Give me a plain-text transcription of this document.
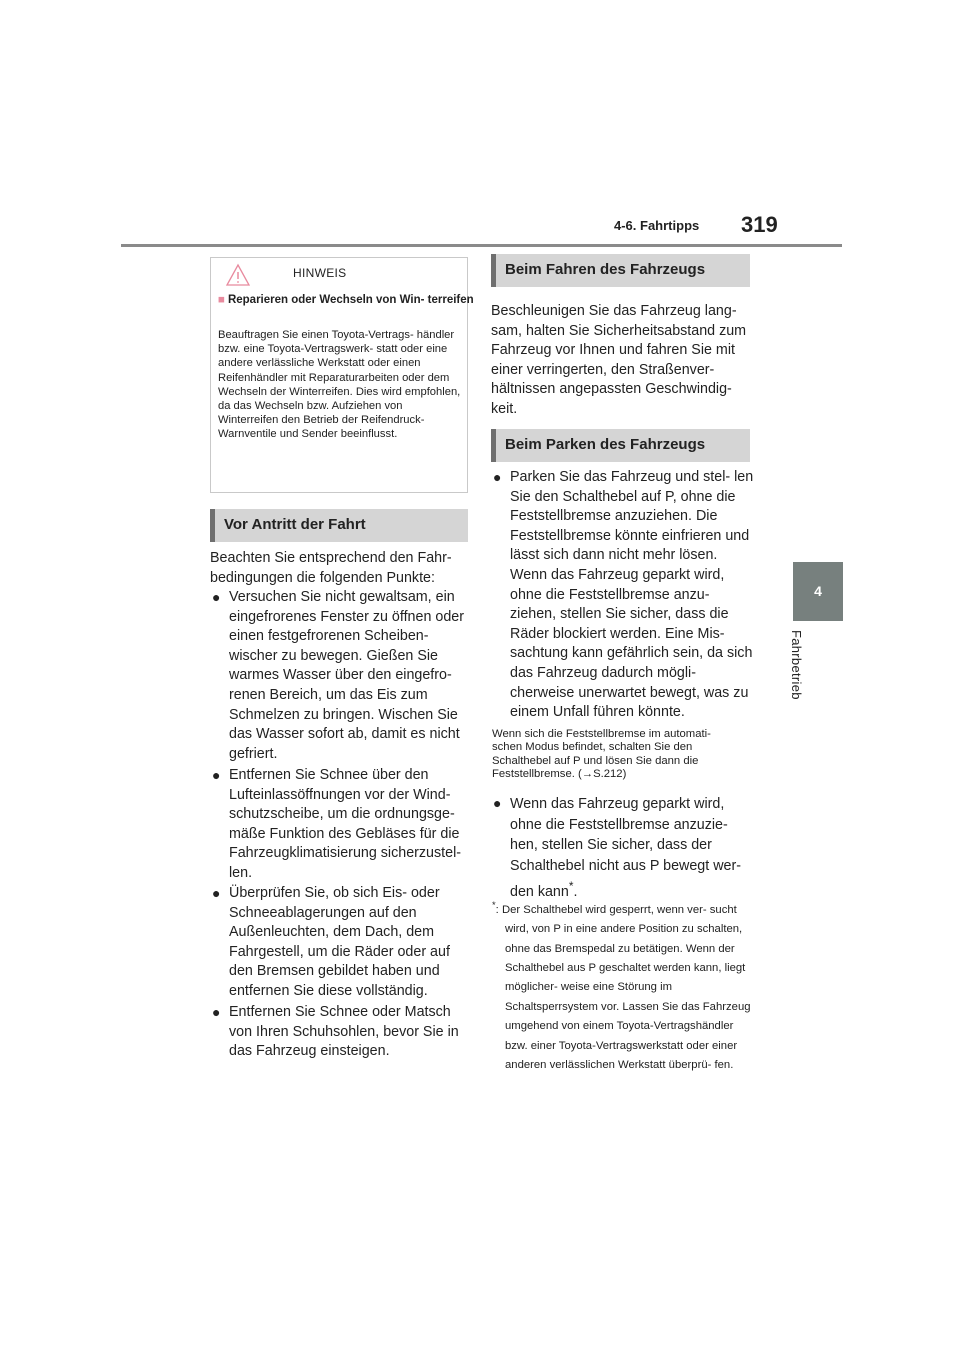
4-6. Fahrtipps 319
4
Fahrbetrieb
HINWEIS
■ Reparieren oder Wechseln von Win- terreifen
Beauftragen Sie einen Toyota-Vertrags- händler bzw. eine Toyota-Vertragswerk- statt oder eine andere verlässliche Werkstatt oder einen Reifenhändler mit Reparaturarbeiten oder dem Wechseln der Winterreifen. Dies wird empfohlen, da das Wechseln bzw. Aufziehen von Winterreifen den Betrieb der Reifendruck-Warnventile und Sender beeinflusst.
Vor Antritt der Fahrt
Beachten Sie entsprechend den Fahr- bedingungen die folgenden Punkte:
● Versuchen Sie nicht gewaltsam, ein eingefrorenes Fenster zu öffnen oder einen festgefrorenen Scheiben- wischer zu bewegen. Gießen Sie warmes Wasser über den eingefro- renen Bereich, um das Eis zum Schmelzen zu bringen. Wischen Sie das Wasser sofort ab, damit es nicht gefriert.
● Entfernen Sie Schnee über den Lufteinlassöffnungen vor der Wind- schutzscheibe, um die ordnungsge- mäße Funktion des Gebläses für die Fahrzeugklimatisierung sicherzustel- len.
● Überprüfen Sie, ob sich Eis- oder Schneeablagerungen auf den Außenleuchten, dem Dach, dem Fahrgestell, um die Räder oder auf den Bremsen gebildet haben und entfernen Sie diese vollständig.
● Entfernen Sie Schnee oder Matsch von Ihren Schuhsohlen, bevor Sie in das Fahrzeug einsteigen.
Beim Fahren des Fahrzeugs
Beschleunigen Sie das Fahrzeug lang- sam, halten Sie Sicherheitsabstand zum Fahrzeug vor Ihnen und fahren Sie mit einer verringerten, den Straßenver- hältnissen angepassten Geschwindig- keit.
Beim Parken des Fahrzeugs
● Parken Sie das Fahrzeug und stel- len Sie den Schalthebel auf P, ohne die Feststellbremse anzuziehen. Die Feststellbremse könnte einfrieren und lässt sich dann nicht mehr lösen. Wenn das Fahrzeug geparkt wird, ohne die Feststellbremse anzu- ziehen, stellen Sie sicher, dass die Räder blockiert werden. Eine Mis- sachtung kann gefährlich sein, da sich das Fahrzeug dadurch mögli- cherweise unerwartet bewegt, was zu einem Unfall führen könnte.
Wenn sich die Feststellbremse im automati- schen Modus befindet, schalten Sie den Schalthebel auf P und lösen Sie dann die Feststellbremse. (→S.212)
● Wenn das Fahrzeug geparkt wird, ohne die Feststellbremse anzuzie- hen, stellen Sie sicher, dass der Schalthebel nicht aus P bewegt wer- den kann*.
*: Der Schalthebel wird gesperrt, wenn ver- sucht wird, von P in eine andere Position zu schalten, ohne das Bremspedal zu betätigen. Wenn der Schalthebel aus P geschaltet werden kann, liegt möglicher- weise eine Störung im Schaltsperrsystem vor. Lassen Sie das Fahrzeug umgehend von einem Toyota-Vertragshändler bzw. einer Toyota-Vertragswerkstatt oder einer anderen verlässlichen Werkstatt überprü- fen.
